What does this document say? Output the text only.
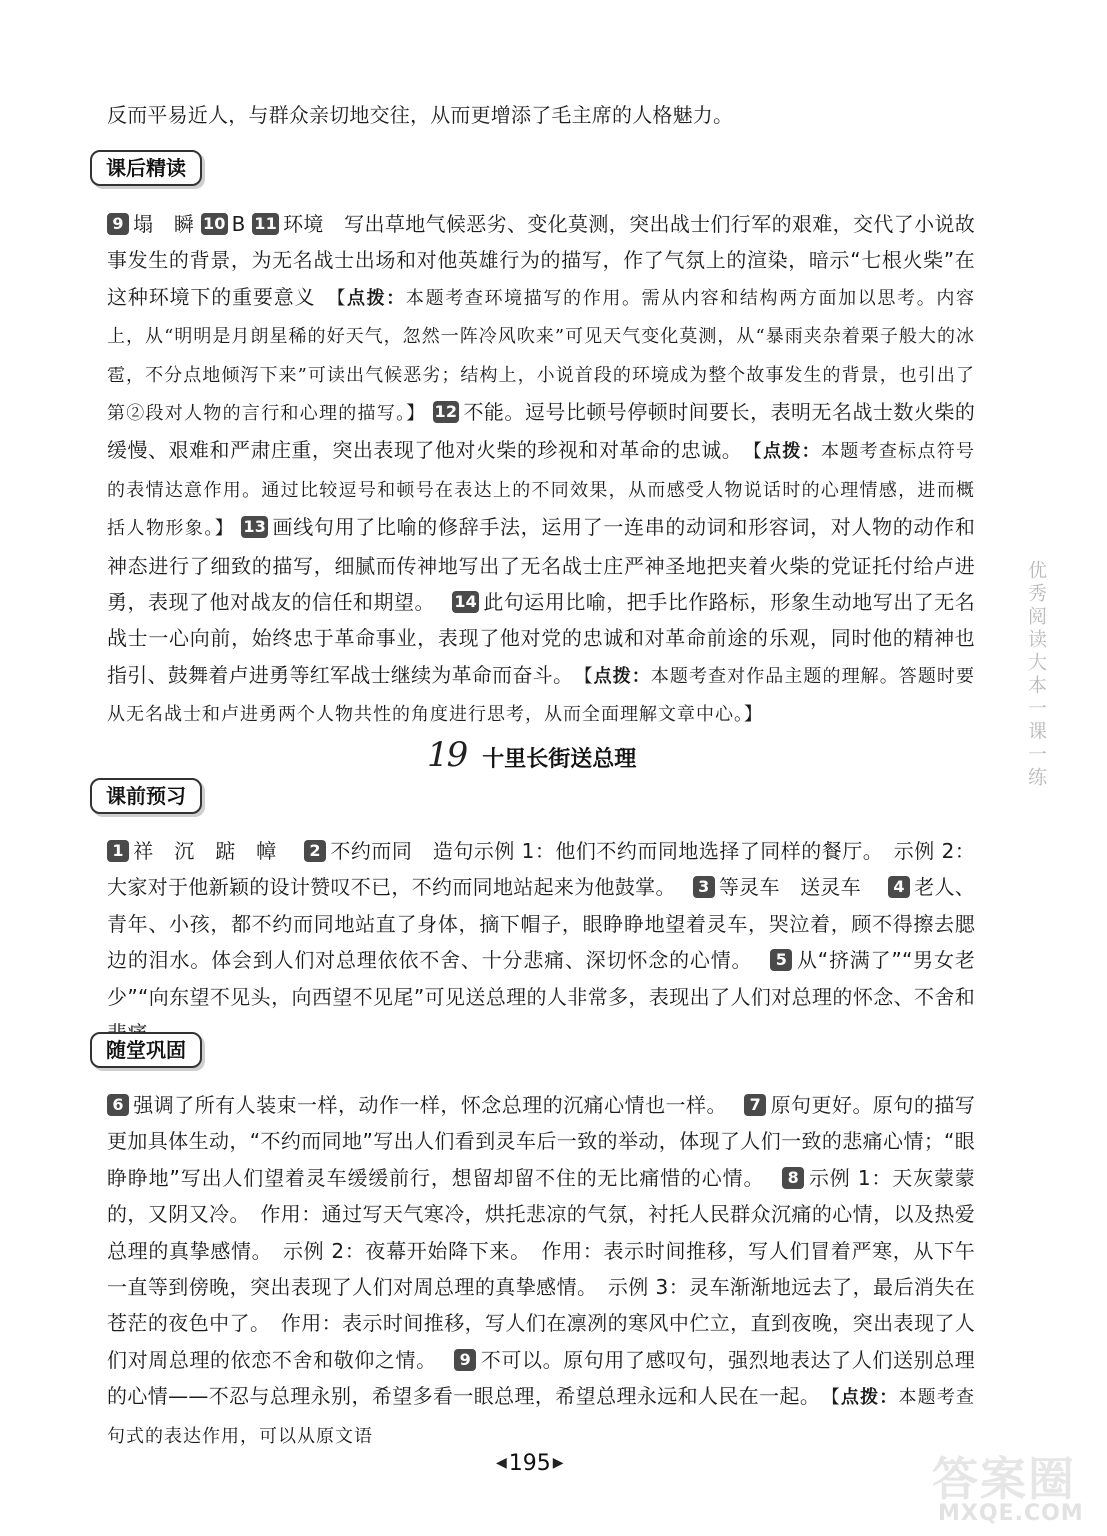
反而平易近人，与群众亲切地交往，从而更增添了毛主席的人格魅力。
课后精读
9 塌　瞬 10 B 11 环境　写出草地气候恶劣、变化莫测，突出战士们行军的艰难，交代了小说故事发生的背景，为无名战士出场和对他英雄行为的描写，作了气氛上的渲染，暗示“七根火柴”在这种环境下的重要意义　【点拨：本题考查环境描写的作用。需从内容和结构两方面加以思考。内容上，从“明明是月朗星稀的好天气，忽然一阵冷风吹来”可见天气变化莫测，从“暴雨夹杂着栗子般大的冰雹，不分点地倾泻下来”可读出气候恶劣；结构上，小说首段的环境成为整个故事发生的背景，也引出了第②段对人物的言行和心理的描写。】 12 不能。逗号比顿号停顿时间要长，表明无名战士数火柴的缓慢、艰难和严肃庄重，突出表现了他对火柴的珍视和对革命的忠诚。　【点拨：本题考查标点符号的表情达意作用。通过比较逗号和顿号在表达上的不同效果，从而感受人物说话时的心理情感，进而概括人物形象。】 13 画线句用了比喻的修辞手法，运用了一连串的动词和形容词，对人物的动作和神态进行了细致的描写，细腻而传神地写出了无名战士庄严神圣地把夹着火柴的党证托付给卢进勇，表现了他对战友的信任和期望。　 14 此句运用比喻，把手比作路标，形象生动地写出了无名战士一心向前，始终忠于革命事业，表现了他对党的忠诚和对革命前途的乐观，同时他的精神也指引、鼓舞着卢进勇等红军战士继续为革命而奋斗。　【点拨：本题考查对作品主题的理解。答题时要从无名战士和卢进勇两个人物共性的角度进行思考，从而全面理解文章中心。】
19 十里长街送总理
课前预习
1 祥　沉　踮　幛　 2 不约而同　造句示例 1：他们不约而同地选择了同样的餐厅。　示例 2：大家对于他新颖的设计赞叹不已，不约而同地站起来为他鼓掌。　 3 等灵车　送灵车　 4 老人、青年、小孩，都不约而同地站直了身体，摘下帽子，眼睁睁地望着灵车，哭泣着，顾不得擦去腮边的泪水。体会到人们对总理依依不舍、十分悲痛、深切怀念的心情。　 5 从“挤满了”“男女老少”“向东望不见头，向西望不见尾”可见送总理的人非常多，表现出了人们对总理的怀念、不舍和
随堂巩固
6 强调了所有人装束一样，动作一样，怀念总理的沉痛心情也一样。　 7 原句更好。原句的描写更加具体生动，“不约而同地”写出人们看到灵车后一致的举动，体现了人们一致的悲痛心情；“眼睁睁地”写出人们望着灵车缓缓前行，想留却留不住的无比痛惜的心情。　 8 示例 1：天灰蒙蒙的，又阴又冷。　作用：通过写天气寒冷，烘托悲凉的气氛，衬托人民群众沉痛的心情，以及热爱总理的真挚感情。　示例 2：夜幕开始降下来。　作用：表示时间推移，写人们冒着严寒，从下午一直等到傍晚，突出表现了人们对周总理的真挚感情。　示例 3：灵车渐渐地远去了，最后消失在苍茫的夜色中了。　作用：表示时间推移，写人们在凛冽的寒风中伫立，直到夜晚，突出表现了人们对周总理的依恋不舍和敬仰之情。　 9 不可以。原句用了感叹句，强烈地表达了人们送别总理的心情——不忍与总理永别，希望多看一眼总理，希望总理永远和人民在一起。　【点拨：本题考查句式的表达作用，可以从原文语
优秀阅读大本一课一练
◀ 195 ▶	答案圈
MXQE.COM
